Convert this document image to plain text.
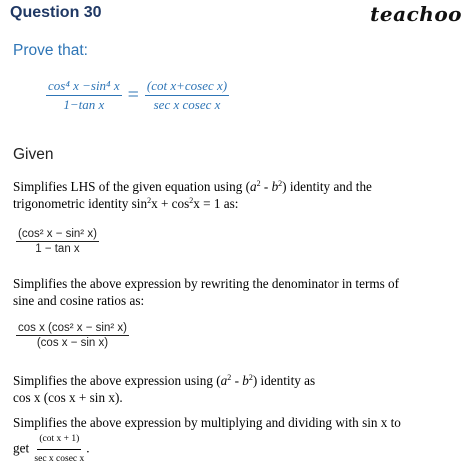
Question 30	teachoo
Prove that:
$\frac{\text{cos⁴ x −sin⁴ x}}{\text{1−tan x}} = \frac{\text{(cot x+cosec x)}}{\text{sec x cosec x}}$
Given
Simplifies LHS of the given equation using $(a^2 - b^2)$ identity and the
trigonometric identity $\sin^2x + \cos^2x = 1$ as:
$\frac{\text{(cos² x − sin² x)}}{\text{1 − tan x}}$
Simplifies the above expression by rewriting the denominator in terms of
sine and cosine ratios as:
$\frac{\text{cos x (cos² x − sin² x)}}{\text{(cos x − sin x)}}$
Simplifies the above expression using $(a^2 - b^2)$ identity as
cos x (cos x + sin x).
Simplifies the above expression by multiplying and dividing with sin x to
get $\frac{\text{(cot x + 1)}}{\text{sec x cosec x}}$ .
